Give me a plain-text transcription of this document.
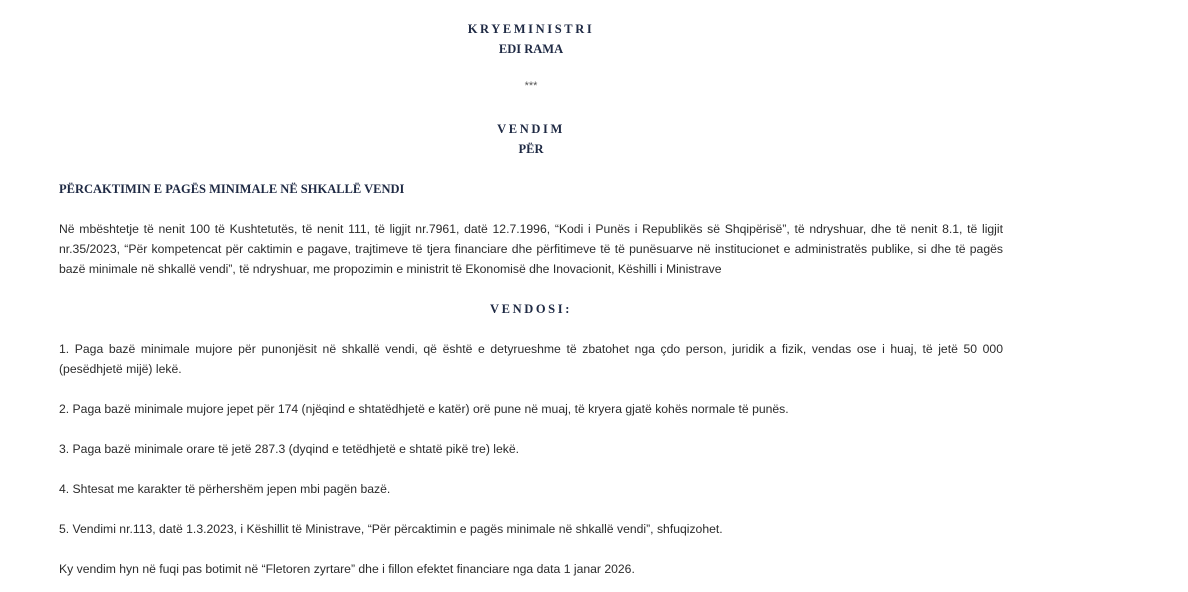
KRYEMINISTRI
EDI RAMA
***
VENDIM
PËR
PËRCAKTIMIN E PAGËS MINIMALE NË SHKALLË VENDI

Në mbështetje të nenit 100 të Kushtetutës, të nenit 111, të ligjit nr.7961, datë 12.7.1996, “Kodi i Punës i Republikës së Shqipërisë”, të ndryshuar, dhe të nenit 8.1, të ligjit nr.35/2023, “Për kompetencat për caktimin e pagave, trajtimeve të tjera financiare dhe përfitimeve të të punësuarve në institucionet e administratës publike, si dhe të pagës bazë minimale në shkallë vendi”, të ndryshuar, me propozimin e ministrit të Ekonomisë dhe Inovacionit, Këshilli i Ministrave

VENDOSI:

1. Paga bazë minimale mujore për punonjësit në shkallë vendi, që është e detyrueshme të zbatohet nga çdo person, juridik a fizik, vendas ose i huaj, të jetë 50 000 (pesëdhjetë mijë) lekë.

2. Paga bazë minimale mujore jepet për 174 (njëqind e shtatëdhjetë e katër) orë pune në muaj, të kryera gjatë kohës normale të punës.

3. Paga bazë minimale orare të jetë 287.3 (dyqind e tetëdhjetë e shtatë pikë tre) lekë.

4. Shtesat me karakter të përhershëm jepen mbi pagën bazë.

5. Vendimi nr.113, datë 1.3.2023, i Këshillit të Ministrave, “Për përcaktimin e pagës minimale në shkallë vendi”, shfuqizohet.

Ky vendim hyn në fuqi pas botimit në “Fletoren zyrtare” dhe i fillon efektet financiare nga data 1 janar 2026.
